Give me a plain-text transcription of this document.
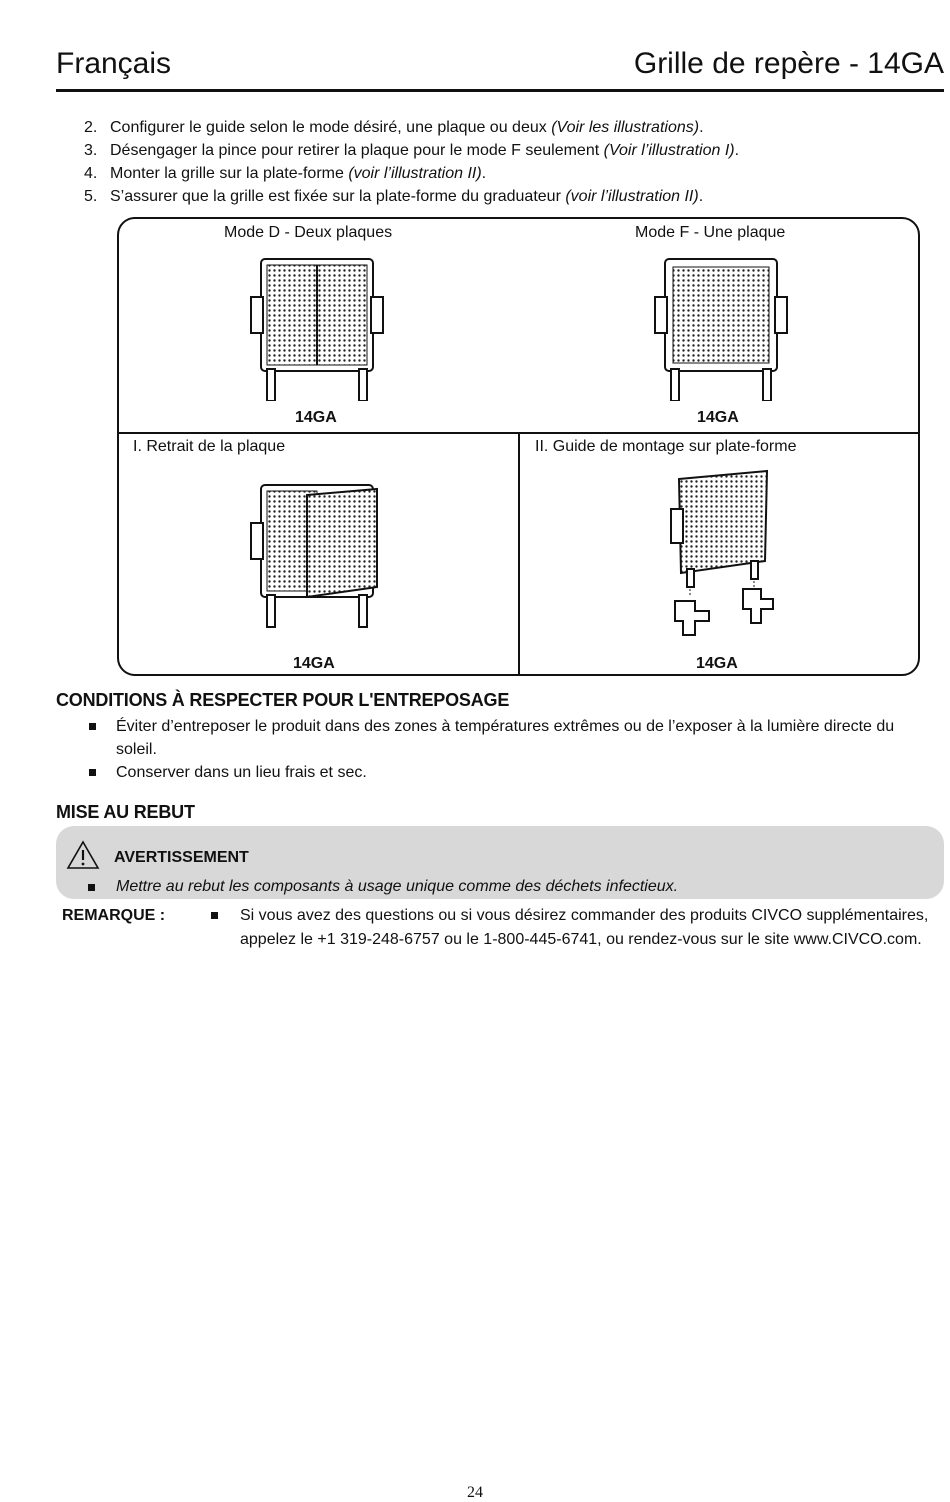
Français	Grille de repère - 14GA
2. Configurer le guide selon le mode désiré, une plaque ou deux (Voir les illustrations).
3. Désengager la pince pour retirer la plaque pour le mode F seulement (Voir l’illustration I).
4. Monter la grille sur la plate-forme (voir l’illustration II).
5. S’assurer que la grille est fixée sur la plate-forme du graduateur (voir l’illustration II).
Mode D - Deux plaques
14GA
Mode F - Une plaque
14GA
I. Retrait de la plaque
14GA
II. Guide de montage sur plate-forme
14GA
CONDITIONS À RESPECTER POUR L'ENTREPOSAGE
Éviter d’entreposer le produit dans des zones à températures extrêmes ou de l’exposer à la lumière directe du soleil.
Conserver dans un lieu frais et sec.
MISE AU REBUT
AVERTISSEMENT
Mettre au rebut les composants à usage unique comme des déchets infectieux.
REMARQUE :	Si vous avez des questions ou si vous désirez commander des produits CIVCO supplémentaires, appelez le +1 319-248-6757 ou le 1-800-445-6741, ou rendez-vous sur le site www.CIVCO.com.
24
